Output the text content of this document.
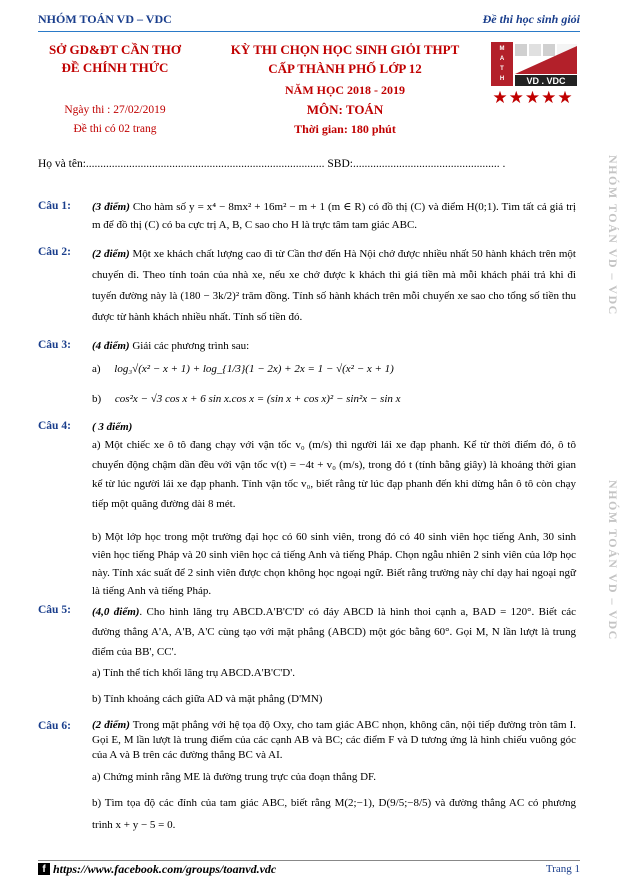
NHÓM TOÁN VD – VDC	Đề thi học sinh giỏi
NHÓM TOÁN VD – VDC
NHÓM TOÁN VD – VDC
SỞ GD&ĐT CẦN THƠ
ĐỀ CHÍNH THỨC
Ngày thi : 27/02/2019
Đề thi có 02 trang
KỲ THI CHỌN HỌC SINH GIỎI THPT
CẤP THÀNH PHỐ LỚP 12
NĂM HỌC 2018 - 2019
MÔN: TOÁN
Thời gian: 180 phút
M
A
T
H VD . VDC
★★★★★
Họ và tên:................................................................................... SBD:................................................... .
Câu 1: (3 điểm) Cho hàm số y = x⁴ − 8mx² + 16m² − m + 1 (m ∈ R) có đồ thị (C) và điểm H(0;1). Tìm tất cả giá trị m để đồ thị (C) có ba cực trị A, B, C sao cho H là trực tâm tam giác ABC.
Câu 2: (2 điểm) Một xe khách chất lượng cao đi từ Cần thơ đến Hà Nội chở được nhiều nhất 50 hành khách trên một chuyến đi. Theo tính toán của nhà xe, nếu xe chở được k khách thì giá tiền mà mỗi khách phải trả khi đi tuyến đường này là (180 − 3k/2)² trăm đồng. Tính số hành khách trên mỗi chuyến xe sao cho tổng số tiền thu được từ hành khách nhiều nhất. Tính số tiền đó.
Câu 3: (4 điểm) Giải các phương trình sau:
a) log₃√(x² − x + 1) + log_{1/3}(1 − 2x) + 2x = 1 − √(x² − x + 1)
b) cos²x − √3 cos x + 6 sin x.cos x = (sin x + cos x)² − sin²x − sin x
Câu 4: ( 3 điểm)
a) Một chiếc xe ô tô đang chạy với vận tốc v₀ (m/s) thì người lái xe đạp phanh. Kể từ thời điểm đó, ô tô chuyển động chậm dần đều với vận tốc v(t) = −4t + v₀ (m/s), trong đó t (tính bằng giây) là khoảng thời gian kể từ lúc người lái xe đạp phanh. Tính vận tốc v₀, biết rằng từ lúc đạp phanh đến khi dừng hẳn ô tô còn chạy tiếp một quãng đường dài 8 mét.
b) Một lớp học trong một trường đại học có 60 sinh viên, trong đó có 40 sinh viên học tiếng Anh, 30 sinh viên học tiếng Pháp và 20 sinh viên học cả tiếng Anh và tiếng Pháp. Chọn ngẫu nhiên 2 sinh viên của lớp học này. Tính xác suất để 2 sinh viên được chọn không học ngoại ngữ. Biết rằng trường này chỉ dạy hai ngoại ngữ là tiếng Anh và tiếng Pháp.
Câu 5: (4,0 điểm). Cho hình lăng trụ ABCD.A'B'C'D' có đáy ABCD là hình thoi cạnh a, BAD = 120°. Biết các đường thẳng A'A, A'B, A'C cùng tạo với mặt phẳng (ABCD) một góc bằng 60°. Gọi M, N lần lượt là trung điểm của BB', CC'.
a) Tính thể tích khối lăng trụ ABCD.A'B'C'D'.
b) Tính khoảng cách giữa AD và mặt phẳng (D'MN)
Câu 6: (2 điểm) Trong mặt phẳng với hệ tọa độ Oxy, cho tam giác ABC nhọn, không cân, nội tiếp đường tròn tâm I. Gọi E, M lần lượt là trung điểm của các cạnh AB và BC; các điểm F và D tương ứng là hình chiếu vuông góc của A và B trên các đường thẳng BC và AI.
a) Chứng minh rằng ME là đường trung trực của đoạn thẳng DF.
b) Tìm tọa độ các đỉnh của tam giác ABC, biết rằng M(2;−1), D(9/5;−8/5) và đường thẳng AC có phương trình x + y − 5 = 0.
f https://www.facebook.com/groups/toanvd.vdc	Trang 1
